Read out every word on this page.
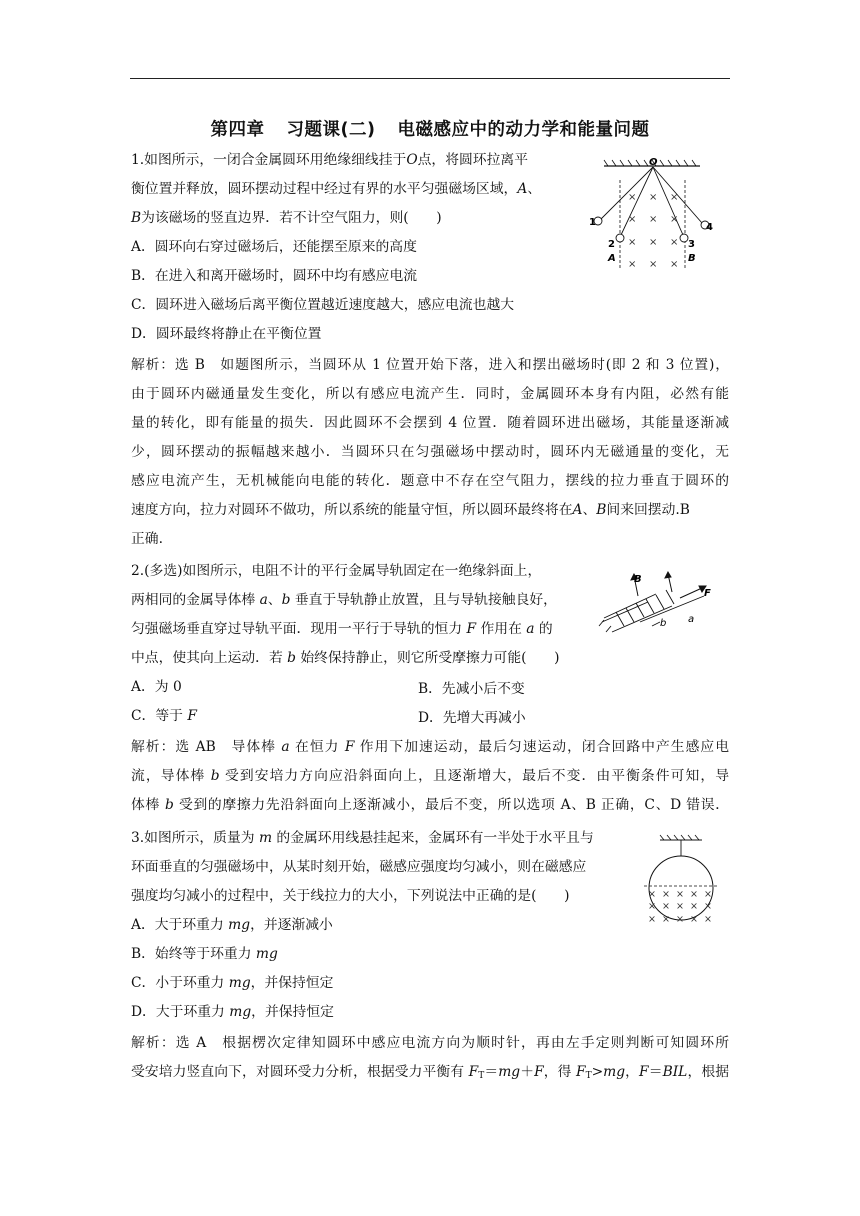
第四章 习题课(二) 电磁感应中的动力学和能量问题
1.如图所示，一闭合金属圆环用绝缘细线挂于O点，将圆环拉离平
衡位置并释放，圆环摆动过程中经过有界的水平匀强磁场区域，A、
B为该磁场的竖直边界．若不计空气阻力，则(　　)
A．圆环向右穿过磁场后，还能摆至原来的高度
B．在进入和离开磁场时，圆环中均有感应电流
C．圆环进入磁场后离平衡位置越近速度越大，感应电流也越大
D．圆环最终将静止在平衡位置
解析：选 B　如题图所示，当圆环从 1 位置开始下落，进入和摆出磁场时(即 2 和 3 位置)，
由于圆环内磁通量发生变化，所以有感应电流产生．同时，金属圆环本身有内阻，必然有能
量的转化，即有能量的损失．因此圆环不会摆到 4 位置．随着圆环进出磁场，其能量逐渐减
少，圆环摆动的振幅越来越小．当圆环只在匀强磁场中摆动时，圆环内无磁通量的变化，无
感应电流产生，无机械能向电能的转化．题意中不存在空气阻力，摆线的拉力垂直于圆环的
速度方向，拉力对圆环不做功，所以系统的能量守恒，所以圆环最终将在A、B间来回摆动.B
正确.
O
1
2	3
4
A	B
× × ×
× × ×
× × ×
× × ×
2.(多选)如图所示，电阻不计的平行金属导轨固定在一绝缘斜面上，
两相同的金属导体棒 a、b 垂直于导轨静止放置，且与导轨接触良好，
匀强磁场垂直穿过导轨平面．现用一平行于导轨的恒力 F 作用在 a 的
中点，使其向上运动．若 b 始终保持静止，则它所受摩擦力可能(　　)
A．为 0	B．先减小后不变
C．等于 F	D．先增大再减小
解析：选 AB　导体棒 a 在恒力 F 作用下加速运动，最后匀速运动，闭合回路中产生感应电
流，导体棒 b 受到安培力方向应沿斜面向上，且逐渐增大，最后不变．由平衡条件可知，导
体棒 b 受到的摩擦力先沿斜面向上逐渐减小，最后不变，所以选项 A、B 正确，C、D 错误．
B
F
a
b
3.如图所示，质量为 m 的金属环用线悬挂起来，金属环有一半处于水平且与
环面垂直的匀强磁场中，从某时刻开始，磁感应强度均匀减小，则在磁感应
强度均匀减小的过程中，关于线拉力的大小，下列说法中正确的是(　　)
A．大于环重力 mg，并逐渐减小
B．始终等于环重力 mg
C．小于环重力 mg，并保持恒定
D．大于环重力 mg，并保持恒定
解析：选 A　根据楞次定律知圆环中感应电流方向为顺时针，再由左手定则判断可知圆环所
受安培力竖直向下，对圆环受力分析，根据受力平衡有 $F_T=mg+F$，得 $F_T>mg$，F＝BIL，根据
× × × × ×
× × × × ×
× × × × ×
